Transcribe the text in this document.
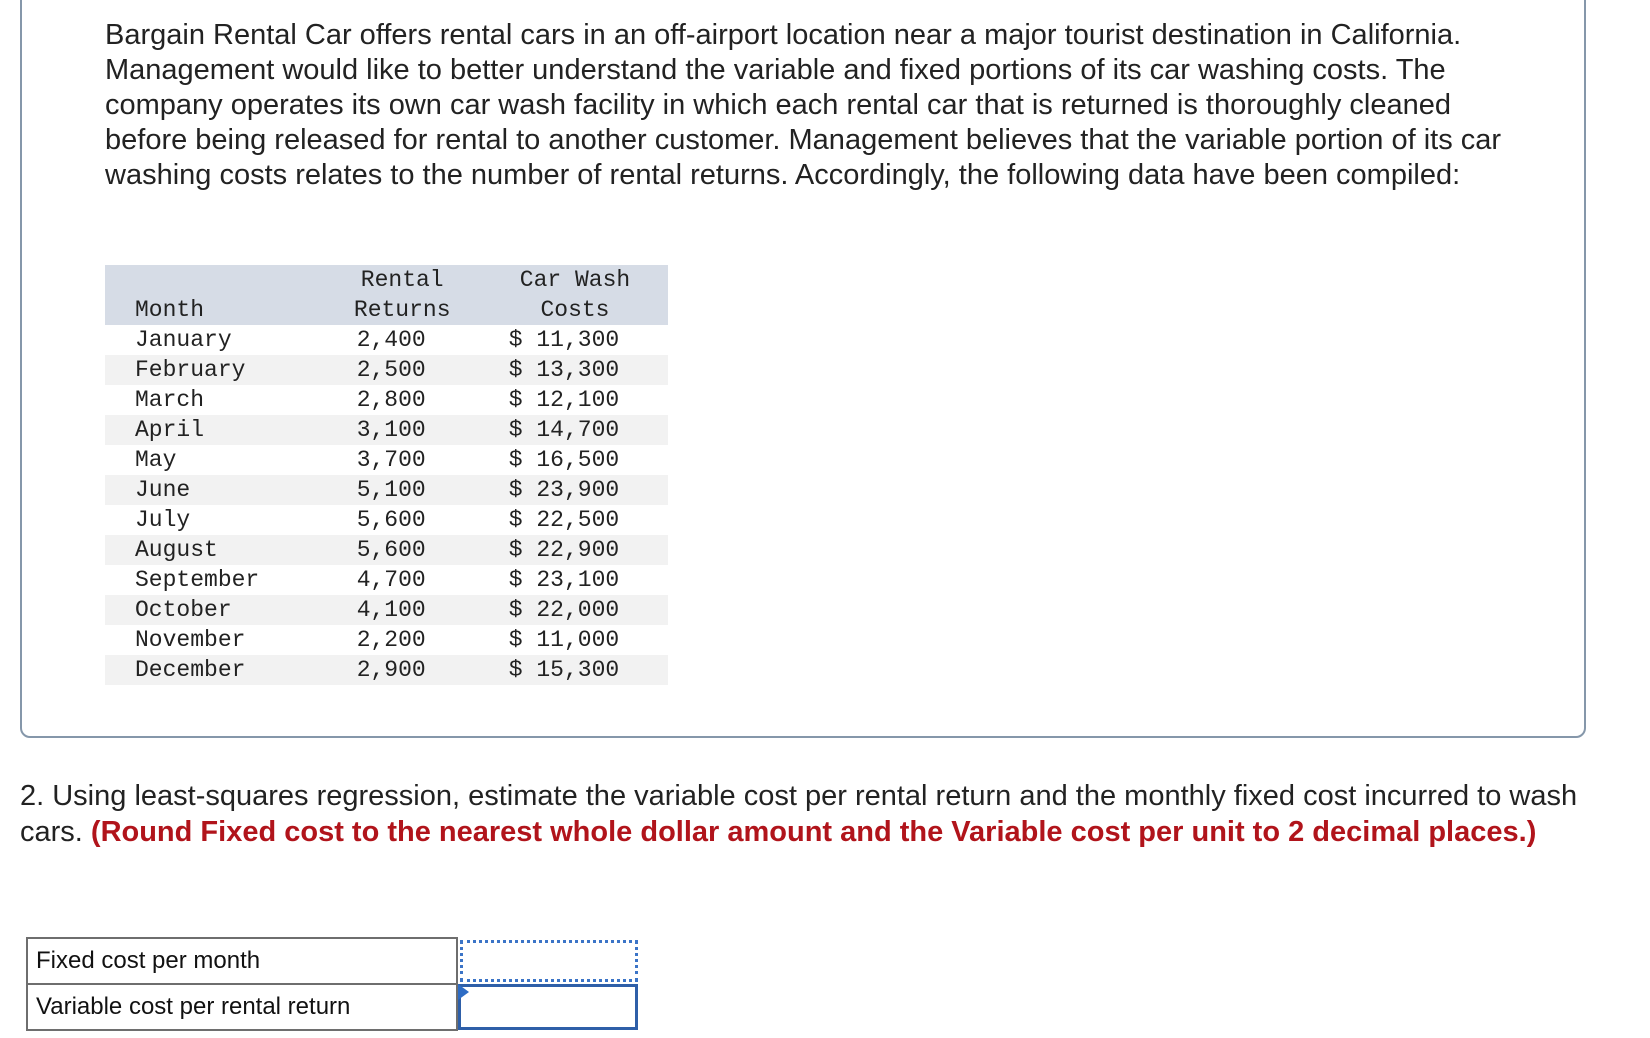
Bargain Rental Car offers rental cars in an off-airport location near a major tourist destination in California. Management would like to better understand the variable and fixed portions of its car washing costs. The company operates its own car wash facility in which each rental car that is returned is thoroughly cleaned before being released for rental to another customer. Management believes that the variable portion of its car washing costs relates to the number of rental returns. Accordingly, the following data have been compiled:

	Rental	Car Wash
Month	Returns	Costs
January	2,400	$ 11,300
February	2,500	$ 13,300
March	2,800	$ 12,100
April	3,100	$ 14,700
May	3,700	$ 16,500
June	5,100	$ 23,900
July	5,600	$ 22,500
August	5,600	$ 22,900
September	4,700	$ 23,100
October	4,100	$ 22,000
November	2,200	$ 11,000
December	2,900	$ 15,300

2. Using least-squares regression, estimate the variable cost per rental return and the monthly fixed cost incurred to wash cars. (Round Fixed cost to the nearest whole dollar amount and the Variable cost per unit to 2 decimal places.)

Fixed cost per month	

Variable cost per rental return	
